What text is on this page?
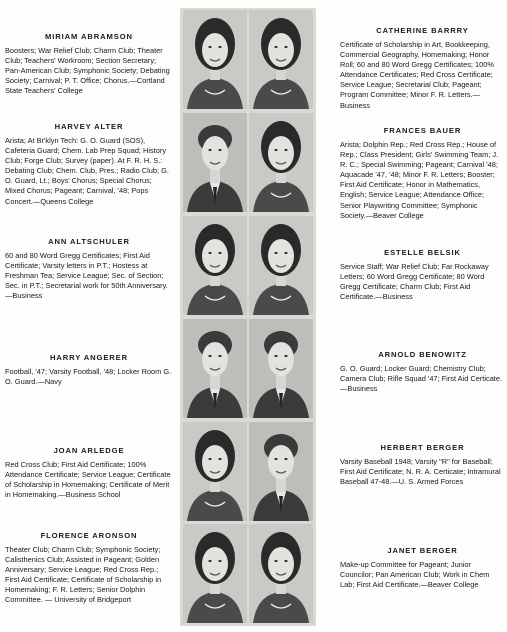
MIRIAM ABRAMSON
Boosters; War Relief Club; Charm Club; Theater Club; Teachers' Workroom; Section Secretary; Pan-American Club; Symphonic Society; Debating Society; Carnival; P. T. Office; Chorus.—Cortland State Teachers' College
HARVEY ALTER
Arista; At Br'klyn Tech: G. O. Guard (SOS), Cafeteria Guard; Chem. Lab Prep Squad; History Club; Forge Club; Survey (paper). At F. R. H. S.: Debating Club; Chem. Club, Pres.; Radio Club; G. O. Guard, Lt.; Boys' Chorus; Special Chorus; Mixed Chorus; Pageant; Carnival, '48; Pops Concert.—Queens College
ANN ALTSCHULER
60 and 80 Word Gregg Certificates; First Aid Certificate; Varsity letters in P.T.; Hostess at Freshman Tea; Service League; Sec. of Section; Sec. in P.T.; Secretarial work for 50th Anniversary.—Business
HARRY ANGERER
Football, '47; Varsity Football, '48; Locker Room G. O. Guard.—Navy
JOAN ARLEDGE
Red Cross Club; First Aid Certificate; 100% Attendance Certificate; Service League; Certificate of Scholarship in Homemaking; Certificate of Merit in Homemaking.—Business School
FLORENCE ARONSON
Theater Club; Charm Club; Symphonic Society; Calisthenics Club; Assisted in Pageant; Golden Anniversary; Service League; Red Cross Rep.; First Aid Certificate; Certificate of Scholarship in Homemaking; F. R. Letters; Senior Dolphin Committee. — University of Bridgeport
CATHERINE BARRRY
Certificate of Scholarship in Art, Bookkeeping, Commercial Geography, Homemaking; Honor Roll; 60 and 80 Word Gregg Certificates; 100% Attendance Certificates; Red Cross Certificate; Service League; Secretarial Club; Pageant; Program Committee; Minor F. R. Letters.—Business
FRANCES BAUER
Arista; Dolphin Rep.; Red Cross Rep.; House of Rep.; Class President; Girls' Swimming Team; J. R. C.; Special Swimming; Pageant; Carnival '48; Aquacade '47, '48; Minor F. R. Letters; Booster; First Aid Certificate; Honor in Mathematics, English; Service League; Attendance Office; Senior Playwriting Committee; Symphonic Society.—Beaver College
ESTELLE BELSIK
Service Staff; War Relief Club; Far Rockaway Letters; 60 Word Gregg Certificate; 80 Word Gregg Certificate; Charm Club; First Aid Certificate.—Business
ARNOLD BENOWITZ
G. O. Guard; Locker Guard; Chemistry Club; Camera Club; Rifle Squad '47; First Aid Certicate.—Business
HERBERT BERGER
Varsity Baseball 1948; Varsity "R" for Baseball; First Aid Certificate; N. R. A. Certicate; Intramural Baseball 47-48.—U. S. Armed Forces
JANET BERGER
Make-up Committee for Pageant; Junior Councilor; Pan American Club; Work in Chem Lab; First Aid Certificate.—Beaver College
